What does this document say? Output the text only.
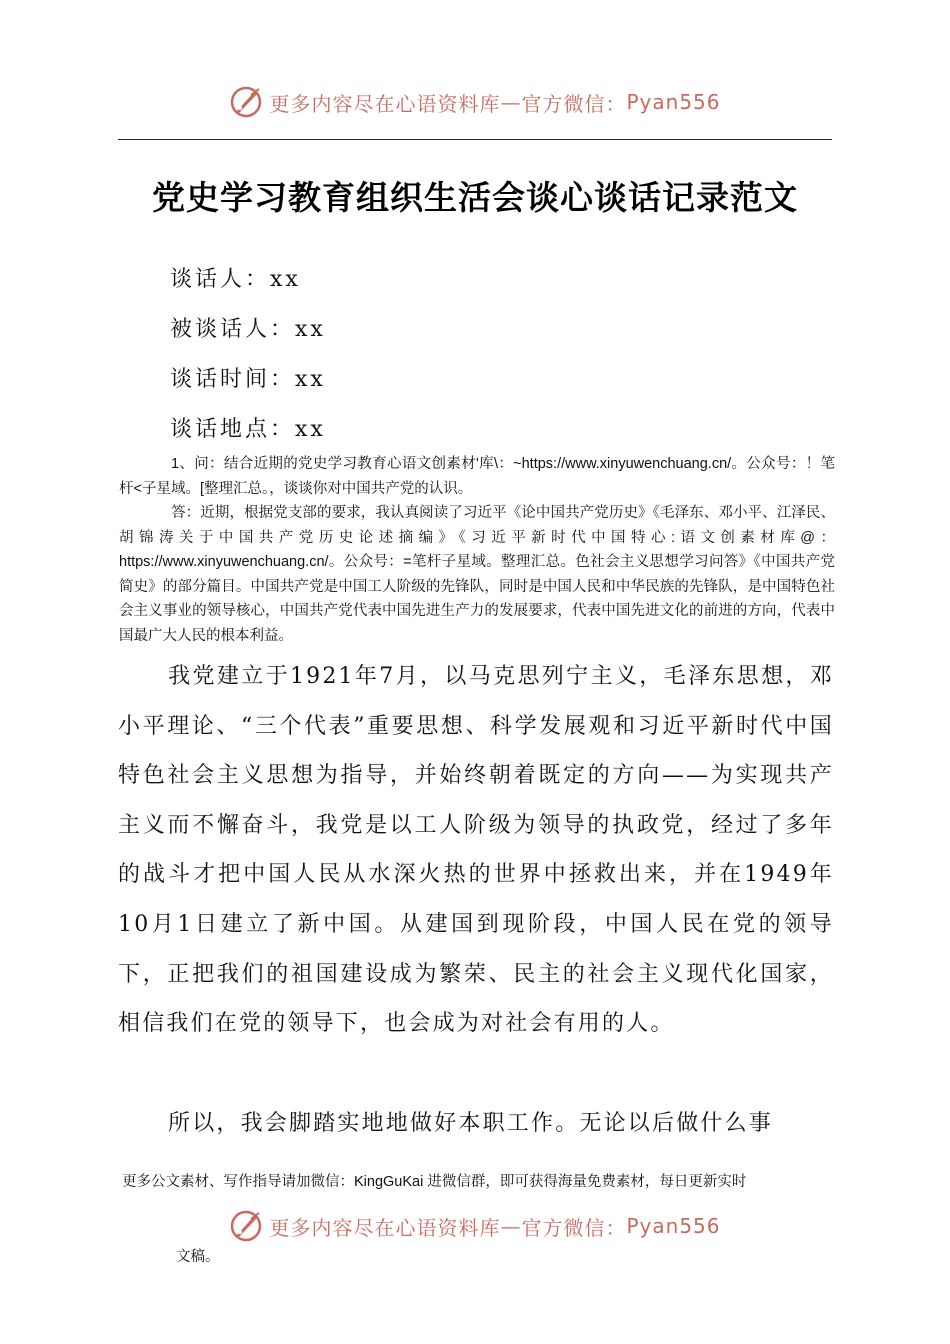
更多内容尽在心语资料库 — 官方微信： Pyan556
党史学习教育组织生活会谈心谈话记录范文
谈话人：xx
被谈话人：xx
谈话时间：xx
谈话地点：xx
1、问：结合近期的党史学习教育心语文创素材'库\：~https://www.xinyuwenchuang.cn/。公众号：！笔杆<子星域。[整理汇总。，谈谈你对中国共产党的认识。
答：近期，根据党支部的要求，我认真阅读了习近平《论中国共产党历史》《毛泽东、邓小平、江泽民、胡锦涛关于中国共产党历史论述摘编》《习近平新时代中国特心:语文创素材库@：https://www.xinyuwenchuang.cn/。公众号：=笔杆子星域。整理汇总。色社会主义思想学习问答》《中国共产党简史》的部分篇目。中国共产党是中国工人阶级的先锋队，同时是中国人民和中华民族的先锋队，是中国特色社会主义事业的领导核心，中国共产党代表中国先进生产力的发展要求，代表中国先进文化的前进的方向，代表中国最广大人民的根本利益。
我党建立于1921年7月，以马克思列宁主义，毛泽东思想，邓小平理论、“三个代表”重要思想、科学发展观和习近平新时代中国特色社会主义思想为指导，并始终朝着既定的方向——为实现共产主义而不懈奋斗，我党是以工人阶级为领导的执政党，经过了多年的战斗才把中国人民从水深火热的世界中拯救出来，并在1949年10月1日建立了新中国。从建国到现阶段，中国人民在党的领导下，正把我们的祖国建设成为繁荣、民主的社会主义现代化国家，相信我们在党的领导下，也会成为对社会有用的人。
所以，我会脚踏实地地做好本职工作。无论以后做什么事
更多公文素材、写作指导请加微信：KingGuKai 进微信群，即可获得海量免费素材，每日更新实时
更多内容尽在心语资料库 — 官方微信： Pyan556
文稿。
